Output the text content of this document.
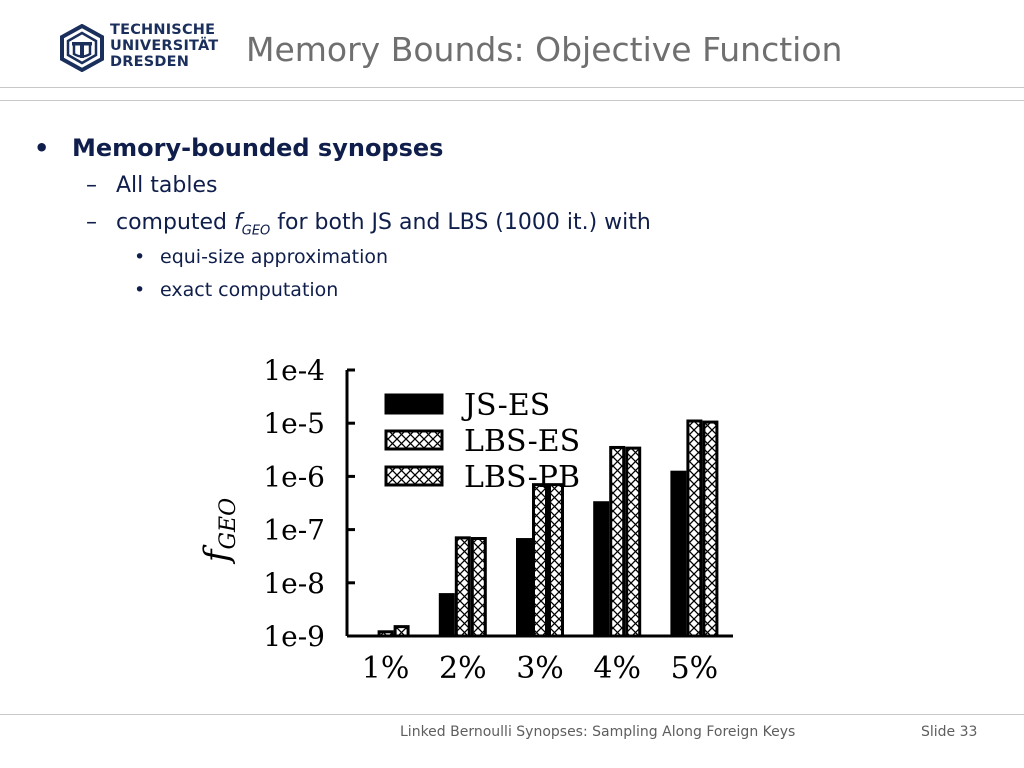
TECHNISCHE
UNIVERSITÄT
DRESDEN	Memory Bounds: Objective Function
• Memory-bounded synopses
– All tables
– computed $f_{GEO}$ for both JS and LBS (1000 it.) with
• equi-size approximation
• exact computation
$f_{GEO}$
1e-4
1e-5
1e-6
1e-7
1e-8
1e-9
1% 2% 3% 4% 5%
JS-ES
LBS-ES
LBS-PB
Linked Bernoulli Synopses: Sampling Along Foreign Keys	Slide 33
